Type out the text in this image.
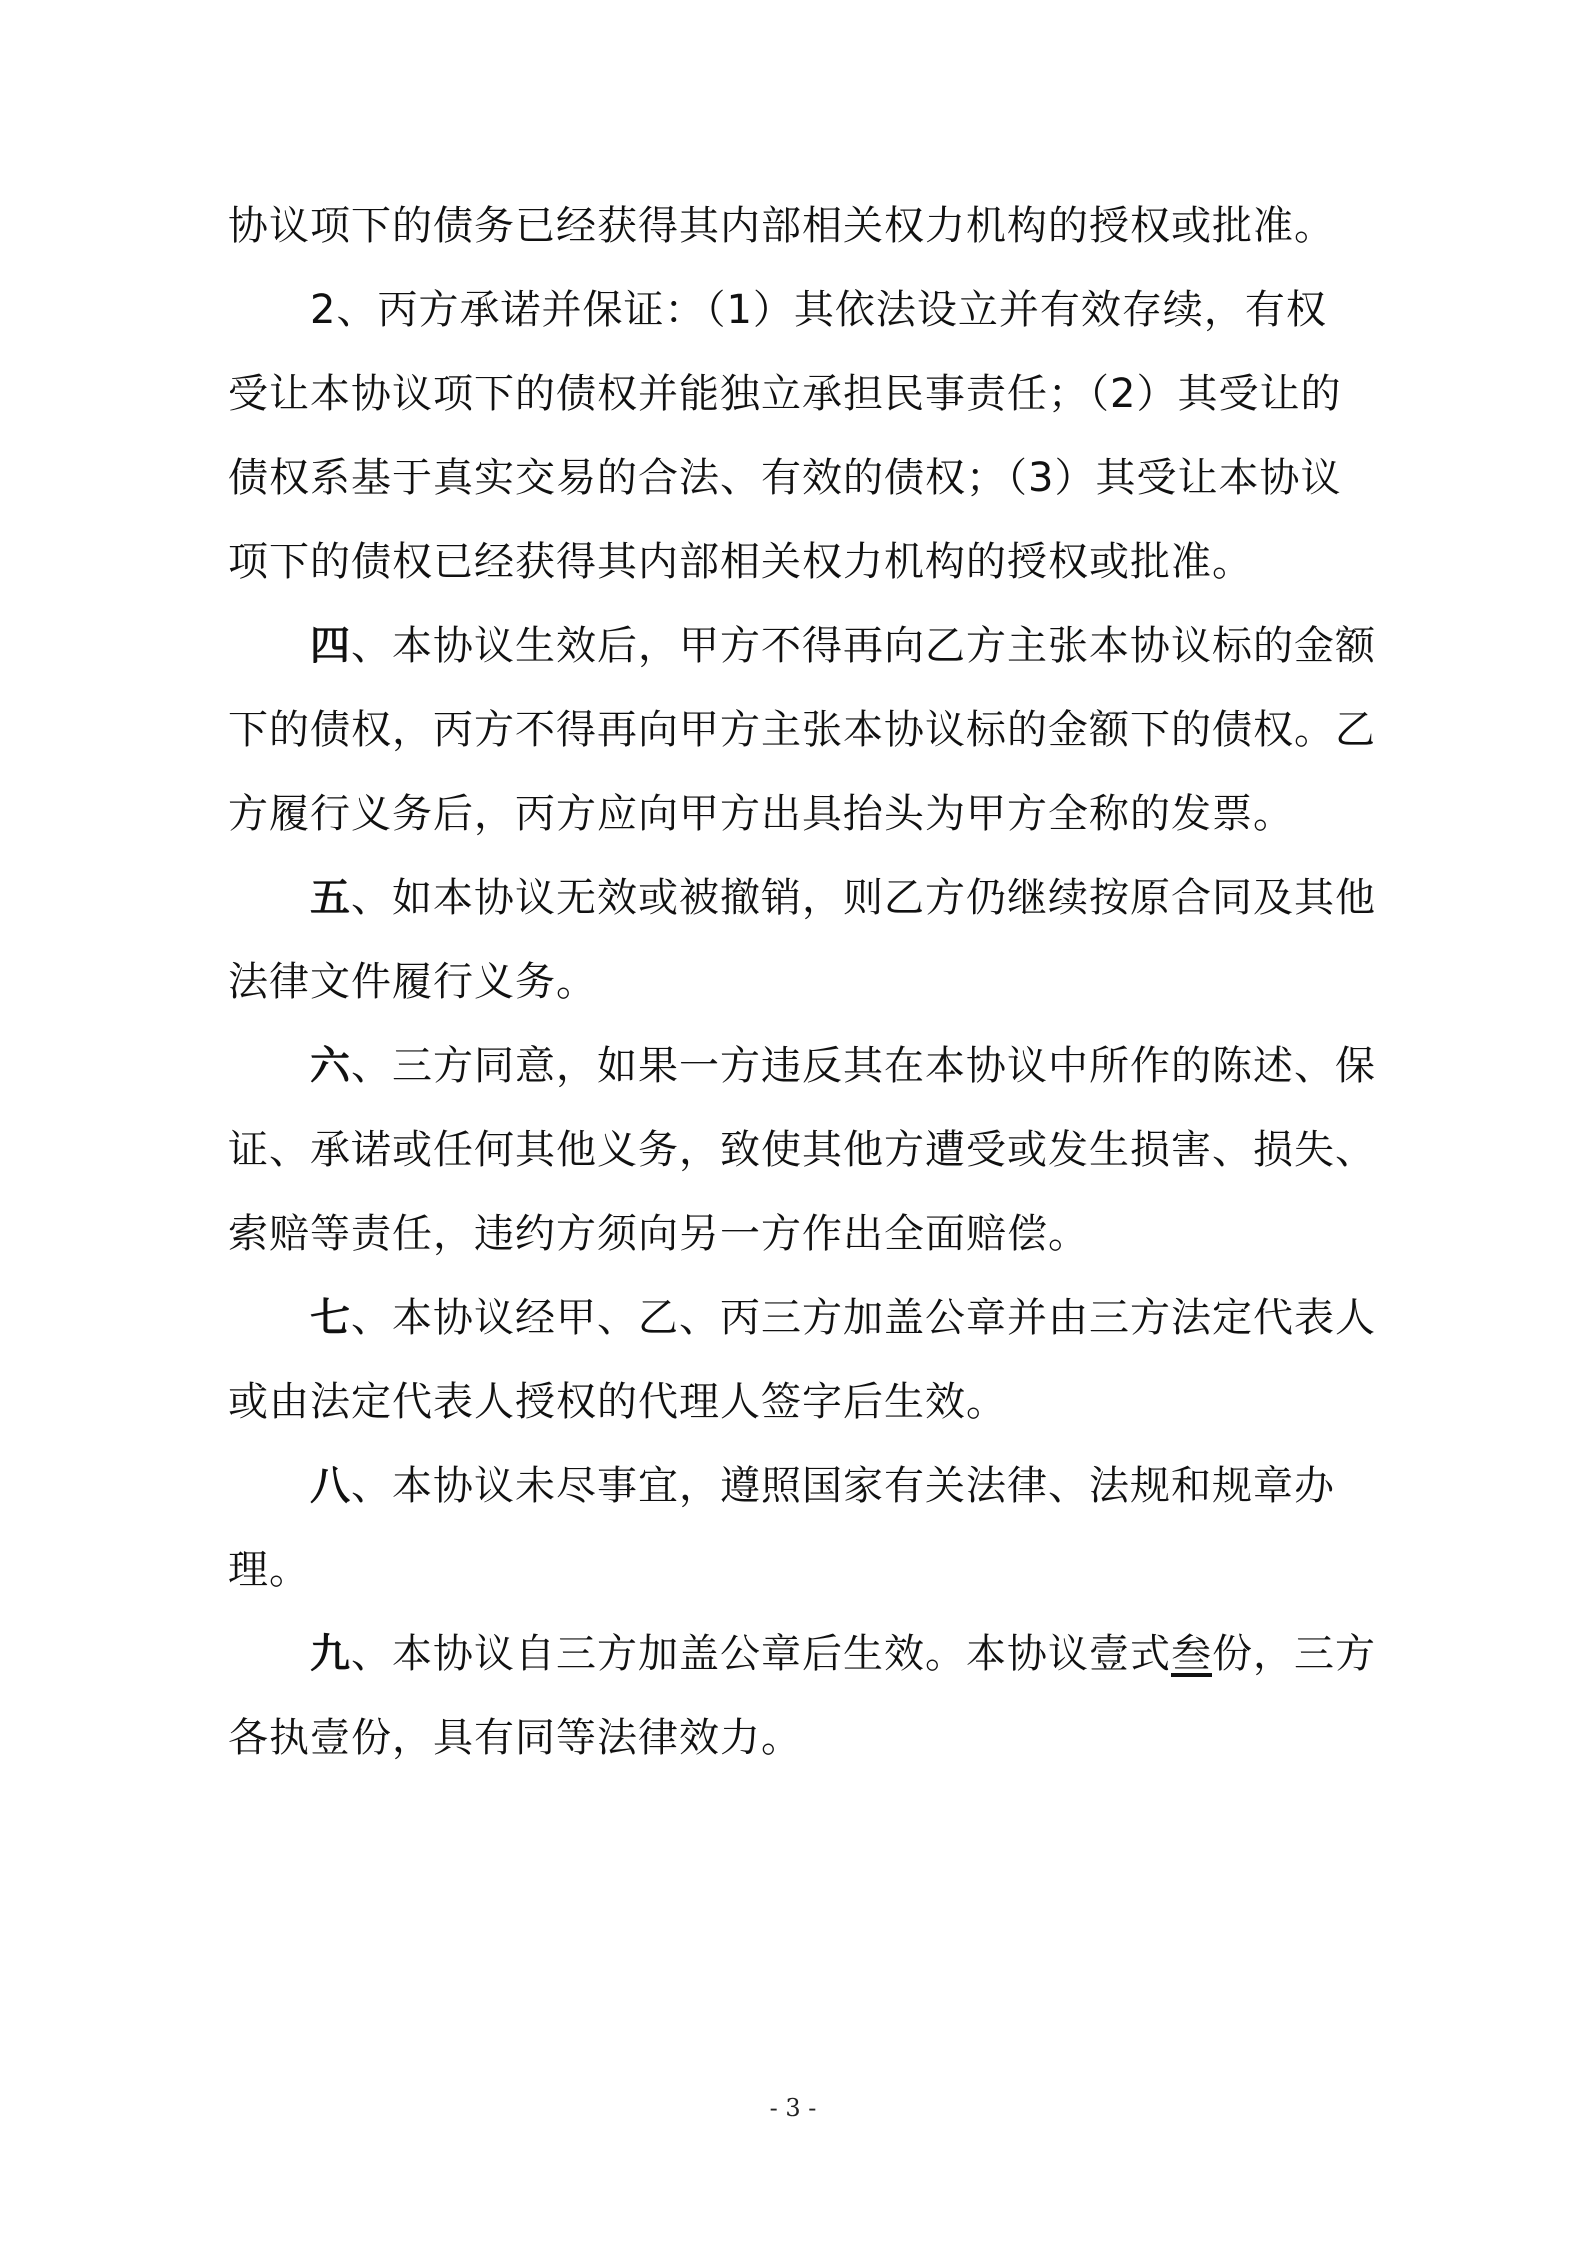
协议项下的债务已经获得其内部相关权力机构的授权或批准。
2、丙方承诺并保证：（1）其依法设立并有效存续，有权
受让本协议项下的债权并能独立承担民事责任；（2）其受让的
债权系基于真实交易的合法、有效的债权；（3）其受让本协议
项下的债权已经获得其内部相关权力机构的授权或批准。
四、本协议生效后，甲方不得再向乙方主张本协议标的金额
下的债权，丙方不得再向甲方主张本协议标的金额下的债权。乙
方履行义务后，丙方应向甲方出具抬头为甲方全称的发票。
五、如本协议无效或被撤销，则乙方仍继续按原合同及其他
法律文件履行义务。
六、三方同意，如果一方违反其在本协议中所作的陈述、保
证、承诺或任何其他义务，致使其他方遭受或发生损害、损失、
索赔等责任，违约方须向另一方作出全面赔偿。
七、本协议经甲、乙、丙三方加盖公章并由三方法定代表人
或由法定代表人授权的代理人签字后生效。
八、本协议未尽事宜，遵照国家有关法律、法规和规章办
理。
九、本协议自三方加盖公章后生效。本协议壹式叁份，三方
各执壹份，具有同等法律效力。
- 3 -
